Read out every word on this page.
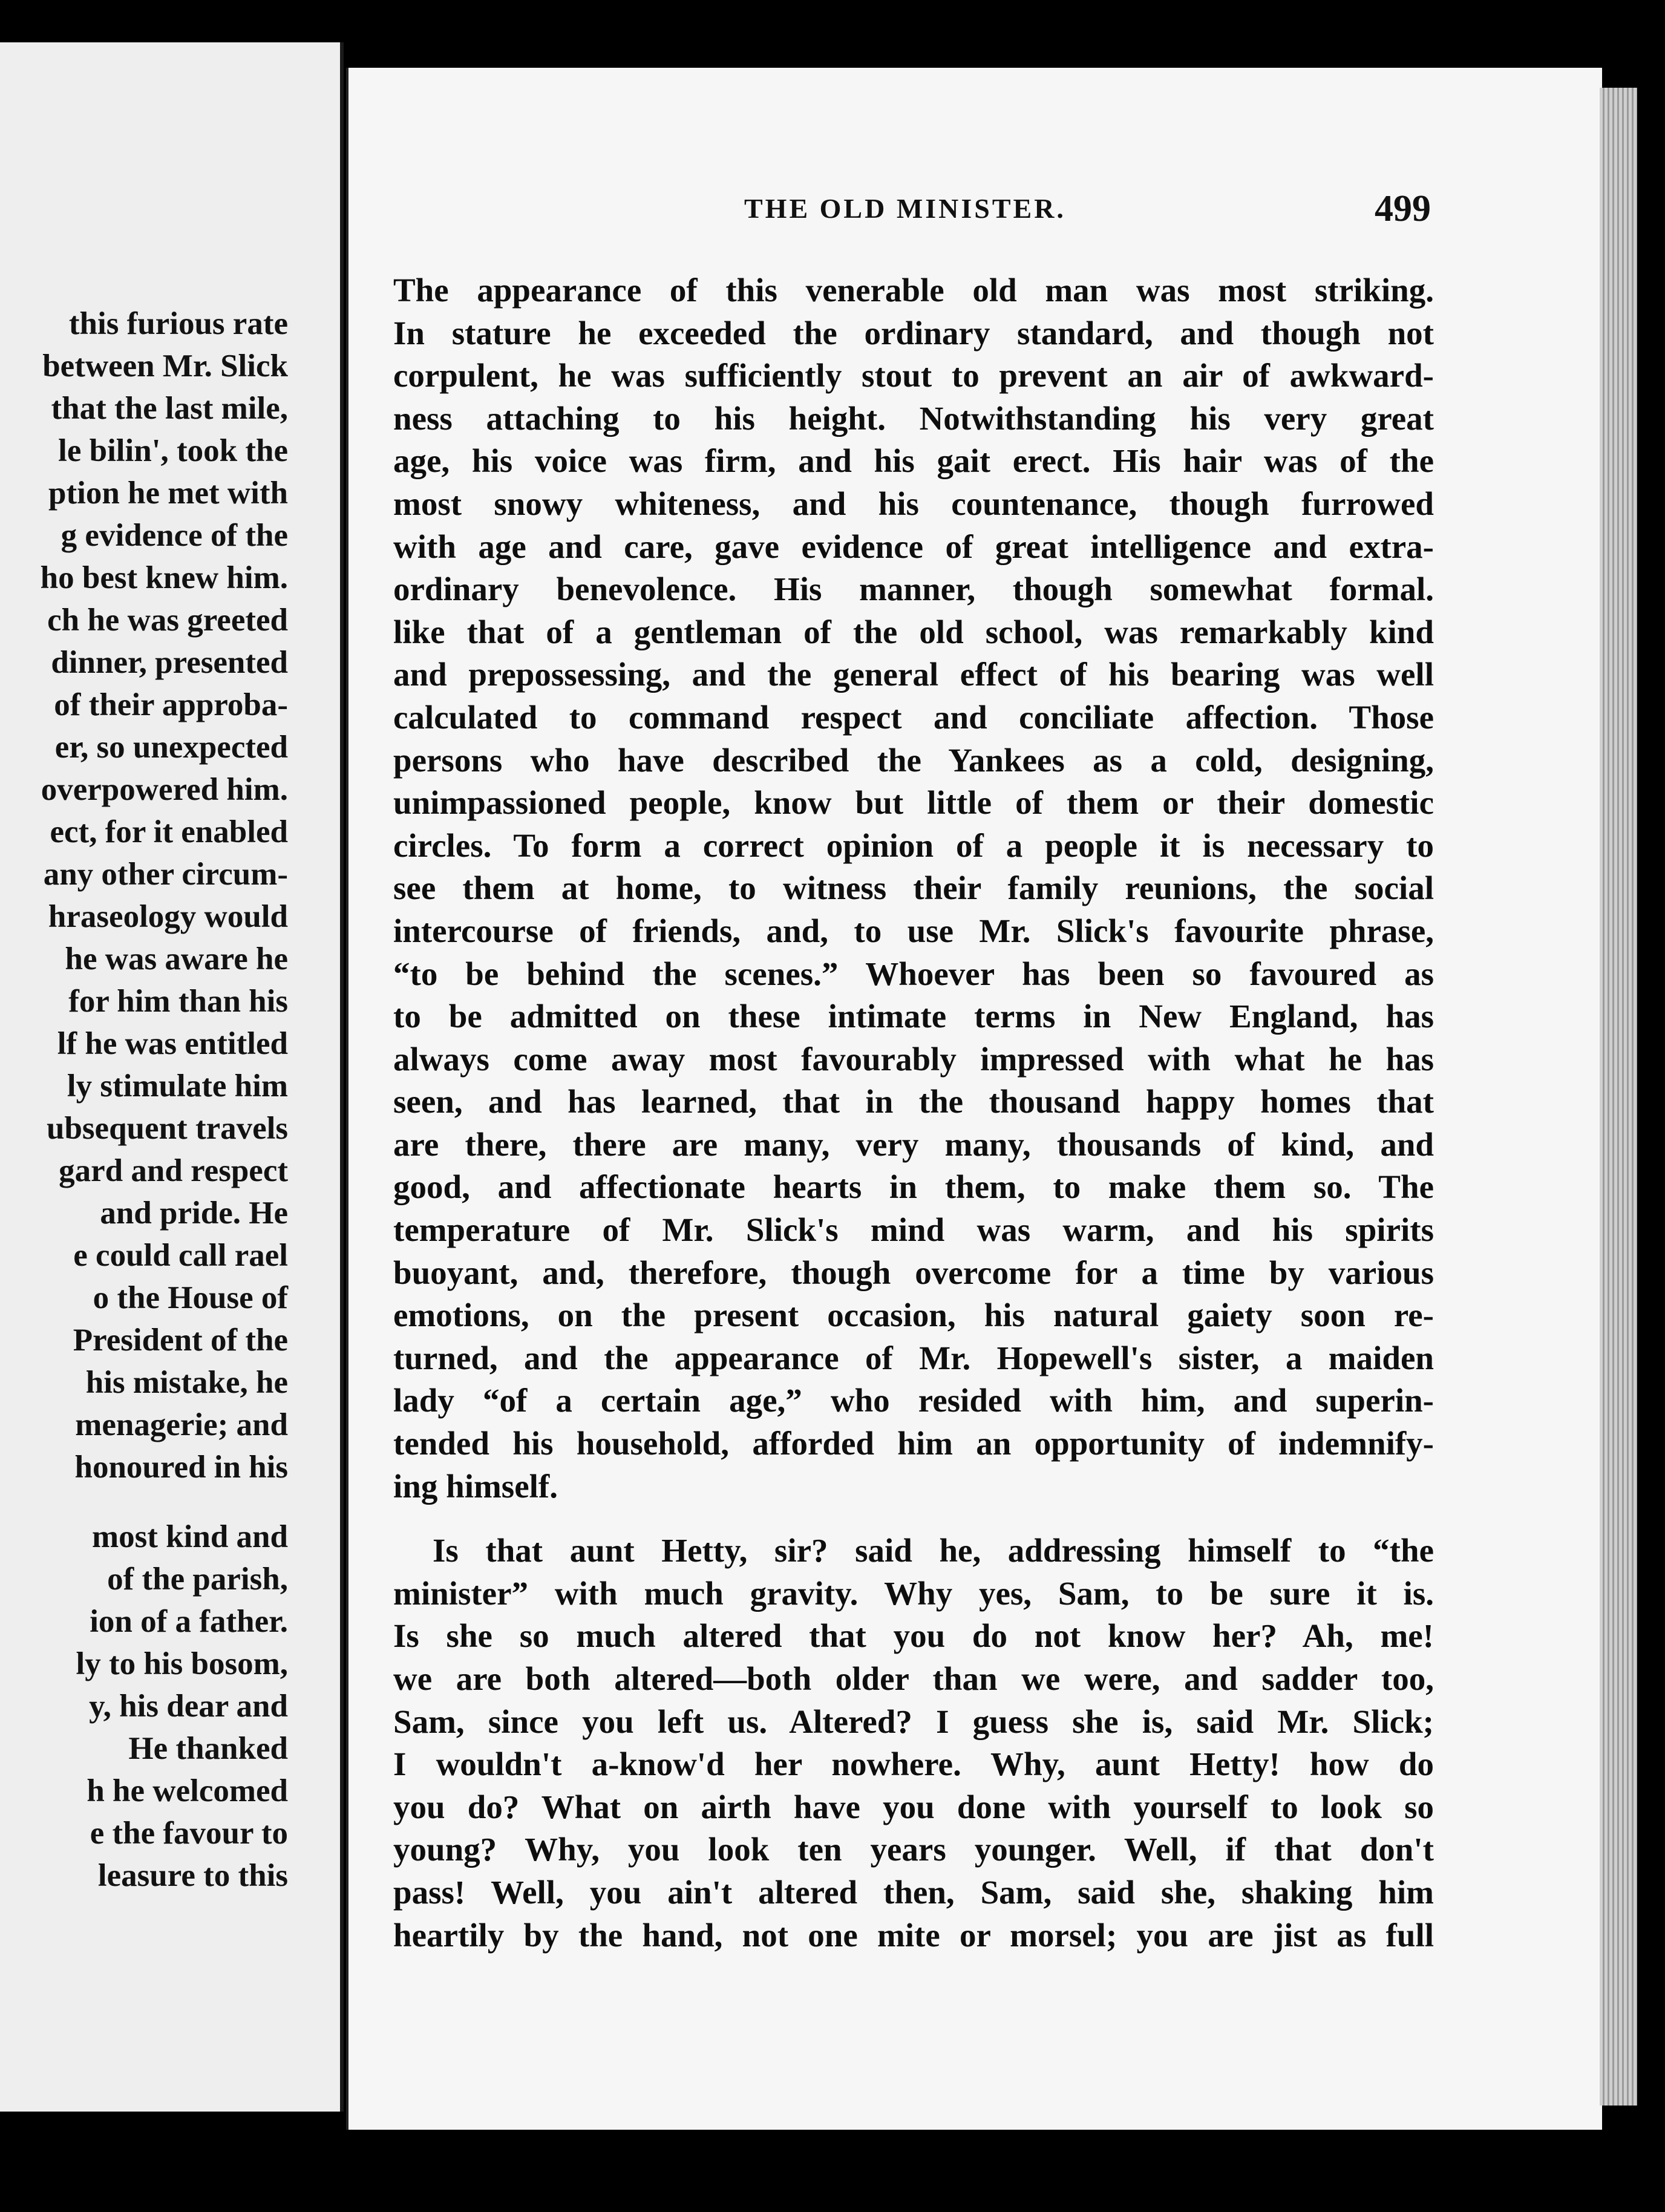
this furious rate
between Mr. Slick
that the last mile,
le bilin', took the
ption he met with
g evidence of the
ho best knew him.
ch he was greeted
dinner, presented
of their approba-
er, so unexpected
overpowered him.
ect, for it enabled
any other circum-
hraseology would
he was aware he
for him than his
lf he was entitled
ly stimulate him
ubsequent travels
gard and respect
and pride. He
e could call rael
o the House of
President of the
his mistake, he
menagerie; and
honoured in his
most kind and
of the parish,
ion of a father.
ly to his bosom,
y, his dear and
He thanked
h he welcomed
e the favour to
leasure to this
THE OLD MINISTER.	499
The appearance of this venerable old man was most striking.
In stature he exceeded the ordinary standard, and though not
corpulent, he was sufficiently stout to prevent an air of awkward-
ness attaching to his height. Notwithstanding his very great
age, his voice was firm, and his gait erect. His hair was of the
most snowy whiteness, and his countenance, though furrowed
with age and care, gave evidence of great intelligence and extra-
ordinary benevolence. His manner, though somewhat formal.
like that of a gentleman of the old school, was remarkably kind
and prepossessing, and the general effect of his bearing was well
calculated to command respect and conciliate affection. Those
persons who have described the Yankees as a cold, designing,
unimpassioned people, know but little of them or their domestic
circles. To form a correct opinion of a people it is necessary to
see them at home, to witness their family reunions, the social
intercourse of friends, and, to use Mr. Slick's favourite phrase,
“to be behind the scenes.” Whoever has been so favoured as
to be admitted on these intimate terms in New England, has
always come away most favourably impressed with what he has
seen, and has learned, that in the thousand happy homes that
are there, there are many, very many, thousands of kind, and
good, and affectionate hearts in them, to make them so. The
temperature of Mr. Slick's mind was warm, and his spirits
buoyant, and, therefore, though overcome for a time by various
emotions, on the present occasion, his natural gaiety soon re-
turned, and the appearance of Mr. Hopewell's sister, a maiden
lady “of a certain age,” who resided with him, and superin-
tended his household, afforded him an opportunity of indemnify-
ing himself.
Is that aunt Hetty, sir? said he, addressing himself to “the
minister” with much gravity. Why yes, Sam, to be sure it is.
Is she so much altered that you do not know her? Ah, me!
we are both altered—both older than we were, and sadder too,
Sam, since you left us. Altered? I guess she is, said Mr. Slick;
I wouldn't a-know'd her nowhere. Why, aunt Hetty! how do
you do? What on airth have you done with yourself to look so
young? Why, you look ten years younger. Well, if that don't
pass! Well, you ain't altered then, Sam, said she, shaking him
heartily by the hand, not one mite or morsel; you are jist as full
